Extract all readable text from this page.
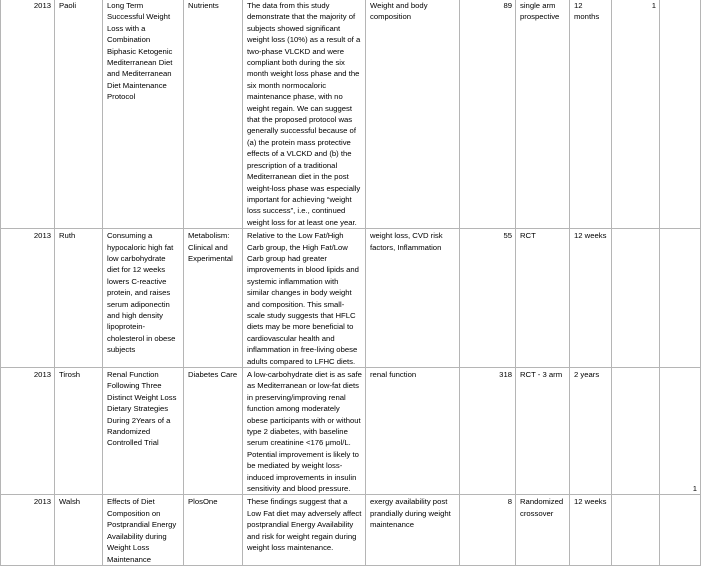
2013	Paoli	Long Term Successful Weight Loss with a Combination Biphasic Ketogenic Mediterranean Diet and Mediterranean Diet Maintenance Protocol	Nutrients	The data from this study demonstrate that the majority of subjects showed significant weight loss (10%) as a result of a two-phase VLCKD and were compliant both during the six month weight loss phase and the six month normocaloric maintenance phase, with no weight regain. We can suggest that the proposed protocol was generally successful because of (a) the protein mass protective effects of a VLCKD and (b) the prescription of a traditional Mediterranean diet in the post weight-loss phase was especially important for achieving “weight loss success”, i.e., continued weight loss for at least one year.	Weight and body composition	89	single arm prospective	12 months	1	
2013	Ruth	Consuming a hypocaloric high fat low carbohydrate diet for 12 weeks lowers C-reactive protein, and raises serum adiponectin and high density lipoprotein-cholesterol in obese subjects	Metabolism: Clinical and Experimental	Relative to the Low Fat/High Carb group, the High Fat/Low Carb group had greater improvements in blood lipids and systemic inflammation with similar changes in body weight and composition. This small-scale study suggests that HFLC diets may be more beneficial to cardiovascular health and inflammation in free-living obese adults compared to LFHC diets.	weight loss, CVD risk factors, Inflammation	55	RCT	12 weeks		
2013	Tirosh	Renal Function Following Three Distinct Weight Loss Dietary Strategies During 2Years of a Randomized Controlled Trial	Diabetes Care	A low-carbohydrate diet is as safe as Mediterranean or low-fat diets in preserving/improving renal function among moderately obese participants with or without type 2 diabetes, with baseline serum creatinine <176 μmol/L. Potential improvement is likely to be mediated by weight loss-induced improvements in insulin sensitivity and blood pressure.	renal function	318	RCT - 3 arm	2 years		1
2013	Walsh	Effects of Diet Composition on Postprandial Energy Availability during Weight Loss Maintenance	PlosOne	These findings suggest that a Low Fat diet may adversely affect postprandial Energy Availability and risk for weight regain during weight loss maintenance.	exergy availability post prandially during weight maintenance	8	Randomized crossover	12 weeks		
